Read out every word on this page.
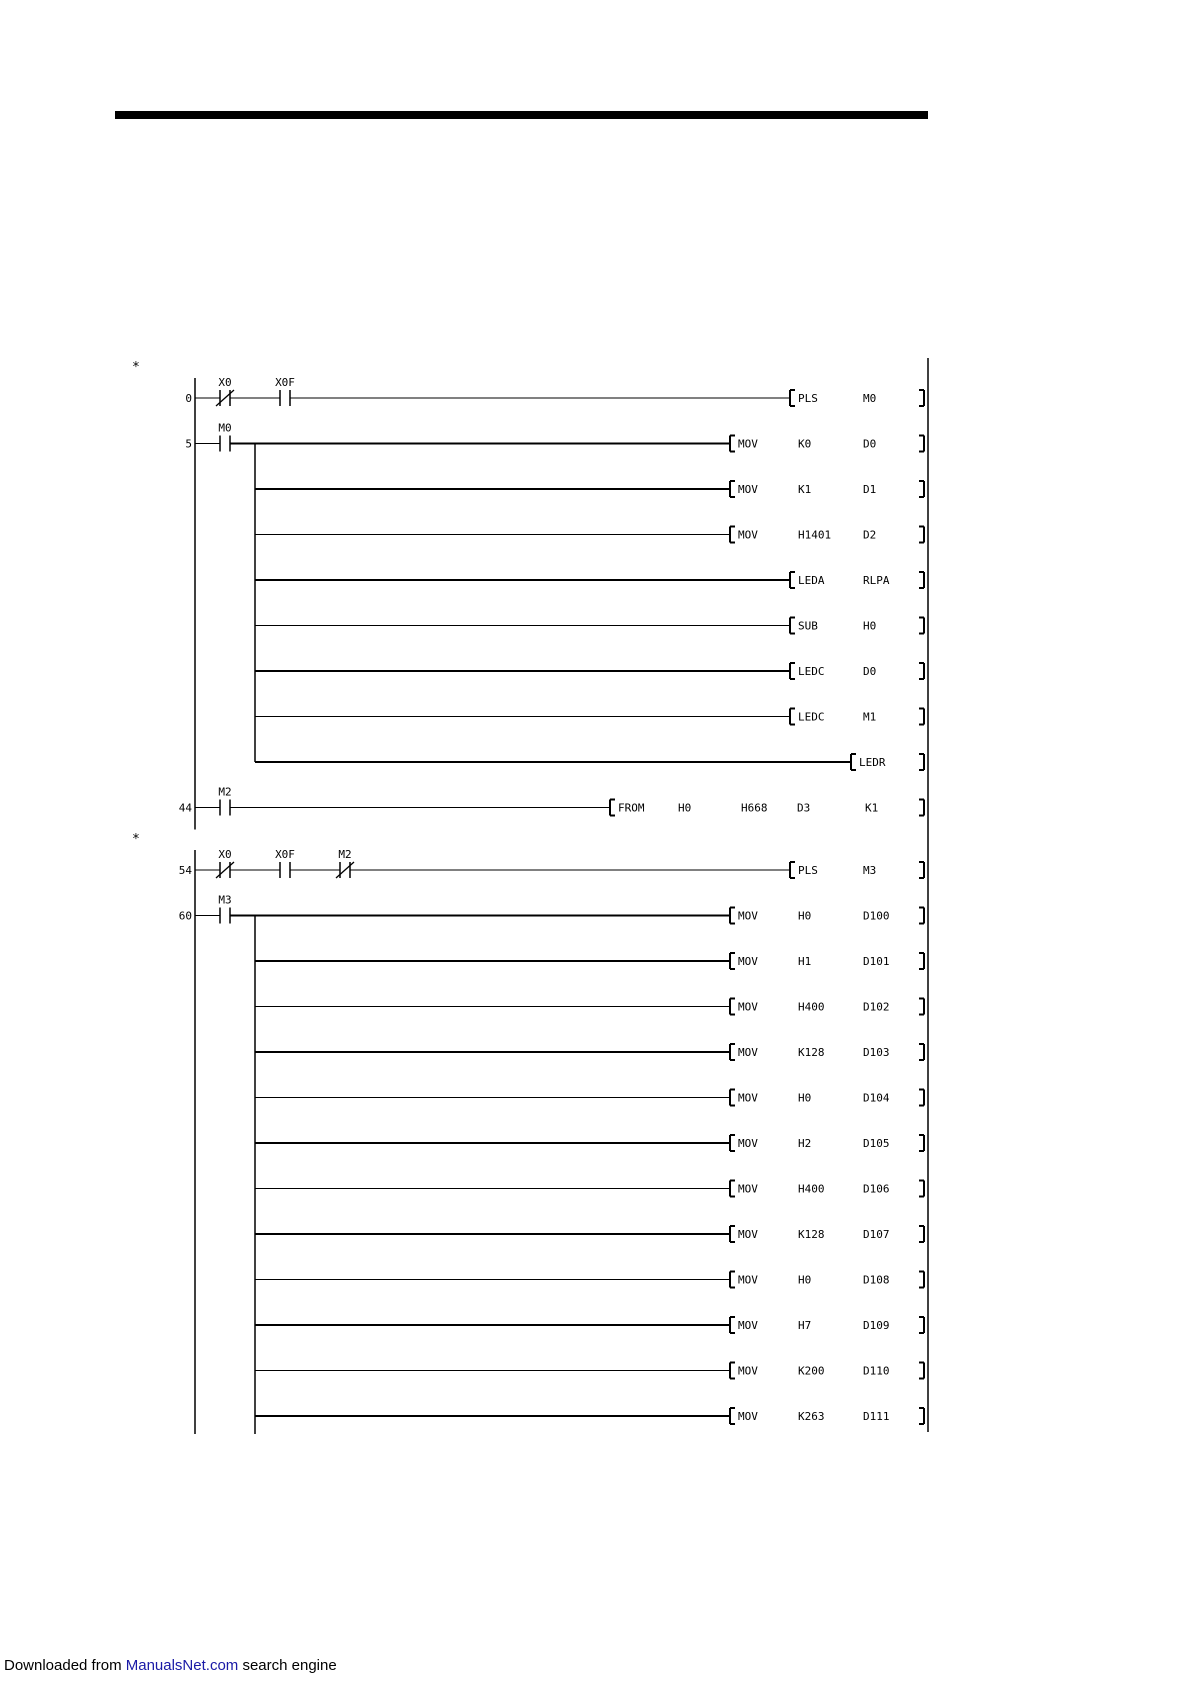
*
0
X0	X0F
PLS	M0
5
M0
MOV	K0	D0
MOV	K1	D1
MOV	H1401	D2
LEDA	RLPA
SUB	H0
LEDC	D0
LEDC	M1
LEDR
44
M2
FROM	H0	H668	D3	K1
*
54
X0	X0F	M2
PLS	M3
60
M3
MOV	H0	D100
MOV	H1	D101
MOV	H400	D102
MOV	K128	D103
MOV	H0	D104
MOV	H2	D105
MOV	H400	D106
MOV	K128	D107
MOV	H0	D108
MOV	H7	D109
MOV	K200	D110
MOV	K263	D111
Downloaded from ManualsNet.com search engine
